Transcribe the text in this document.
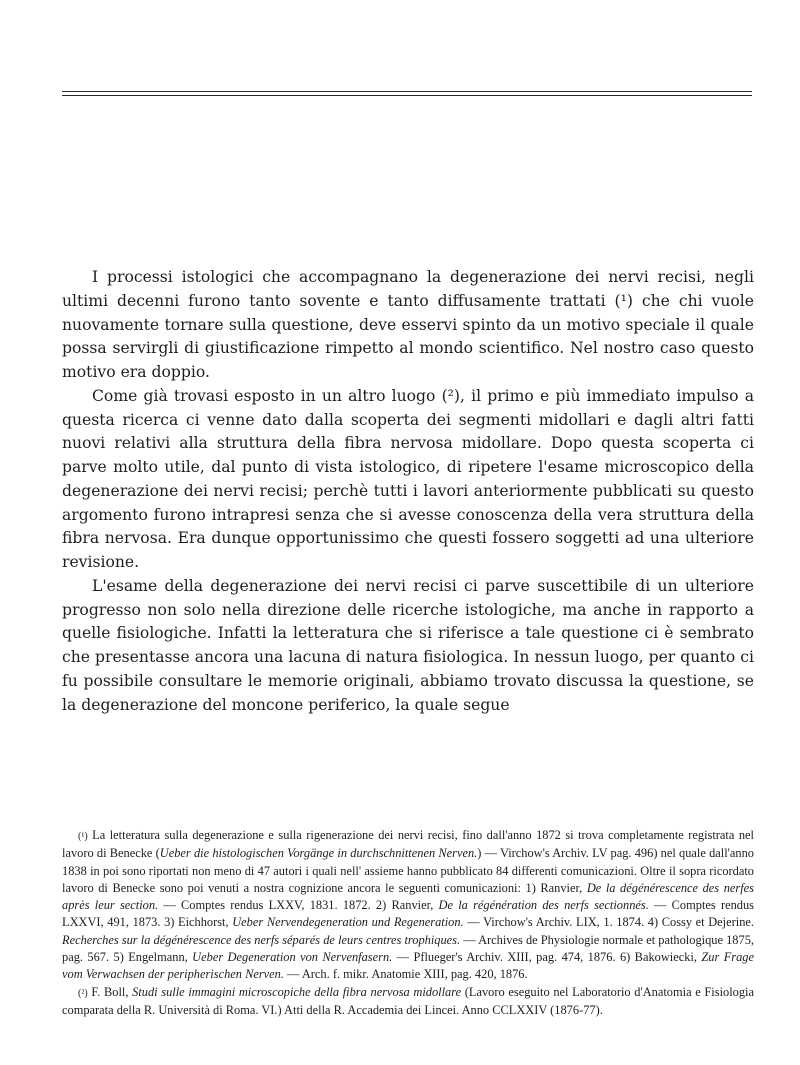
I processi istologici che accompagnano la degenerazione dei nervi recisi, negli ultimi decenni furono tanto sovente e tanto diffusamente trattati (¹) che chi vuole nuovamente tornare sulla questione, deve esservi spinto da un motivo speciale il quale possa servirgli di giustificazione rimpetto al mondo scientifico. Nel nostro caso questo motivo era doppio.

Come già trovasi esposto in un altro luogo (²), il primo e più immediato impulso a questa ricerca ci venne dato dalla scoperta dei segmenti midollari e dagli altri fatti nuovi relativi alla struttura della fibra nervosa midollare. Dopo questa scoperta ci parve molto utile, dal punto di vista istologico, di ripetere l'esame microscopico della degenerazione dei nervi recisi; perchè tutti i lavori anteriormente pubblicati su questo argomento furono intrapresi senza che si avesse conoscenza della vera struttura della fibra nervosa. Era dunque opportunissimo che questi fossero soggetti ad una ulteriore revisione.

L'esame della degenerazione dei nervi recisi ci parve suscettibile di un ulteriore progresso non solo nella direzione delle ricerche istologiche, ma anche in rapporto a quelle fisiologiche. Infatti la letteratura che si riferisce a tale questione ci è sembrato che presentasse ancora una lacuna di natura fisiologica. In nessun luogo, per quanto ci fu possibile consultare le memorie originali, abbiamo trovato discussa la questione, se la degenerazione del moncone periferico, la quale segue

(¹) La letteratura sulla degenerazione e sulla rigenerazione dei nervi recisi, fino dall'anno 1872 si trova completamente registrata nel lavoro di Benecke (Ueber die histologischen Vorgänge in durchschnittenen Nerven.) — Virchow's Archiv. LV pag. 496) nel quale dall'anno 1838 in poi sono riportati non meno di 47 autori i quali nell' assieme hanno pubblicato 84 differenti comunicazioni. Oltre il sopra ricordato lavoro di Benecke sono poi venuti a nostra cognizione ancora le seguenti comunicazioni: 1) Ranvier, De la dégénérescence des nerfes après leur section. — Comptes rendus LXXV, 1831. 1872. 2) Ranvier, De la régénération des nerfs sectionnés. — Comptes rendus LXXVI, 491, 1873. 3) Eichhorst, Ueber Nervendegeneration und Regeneration. — Virchow's Archiv. LIX, 1. 1874. 4) Cossy et Dejerine. Recherches sur la dégénérescence des nerfs séparés de leurs centres trophiques. — Archives de Physiologie normale et pathologique 1875, pag. 567. 5) Engelmann, Ueber Degeneration von Nervenfasern. — Pflueger's Archiv. XIII, pag. 474, 1876. 6) Bakowiecki, Zur Frage vom Verwachsen der peripherischen Nerven. — Arch. f. mikr. Anatomie XIII, pag. 420, 1876.

(²) F. Boll, Studi sulle immagini microscopiche della fibra nervosa midollare (Lavoro eseguito nel Laboratorio d'Anatomia e Fisiologia comparata della R. Università di Roma. VI.) Atti della R. Accademia dei Lincei. Anno CCLXXIV (1876-77).
